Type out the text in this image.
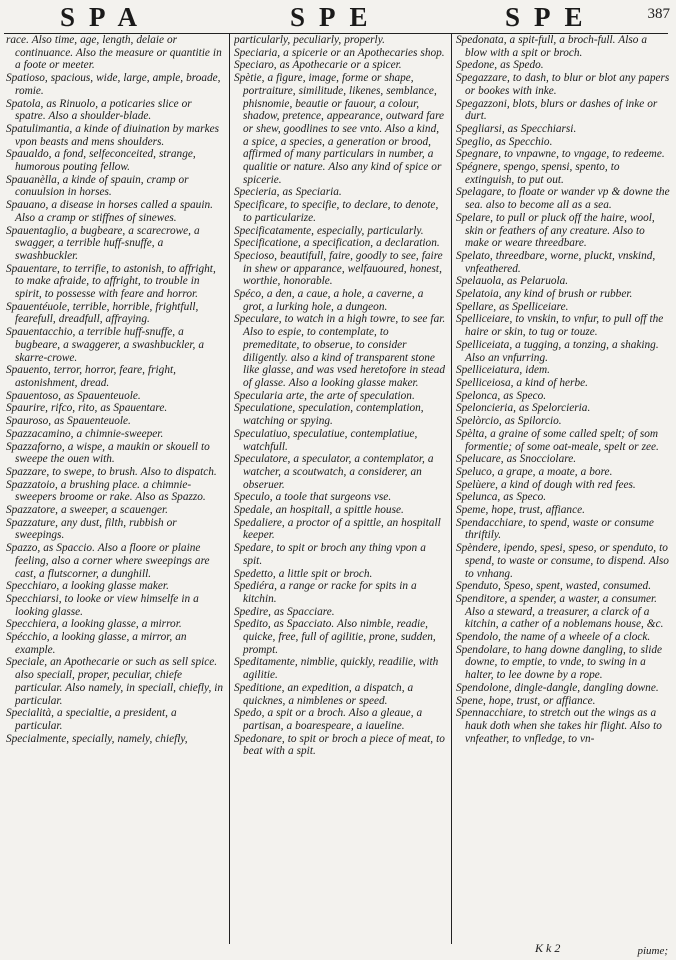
SPA	SPE	SPE	387

race. Also time, age, length, delaie or continuance. Also the measure or quantitie in a foote or meeter.

Spatioso, spacious, wide, large, ample, broade, romie.

Spatola, as Rinuolo, a poticaries slice or spatre. Also a shoulder-blade.

Spatulimantia, a kinde of diuination by markes vpon beasts and mens shoulders.

Spaualdo, a fond, selfeconceited, strange, humorous pouting fellow.

Spauanèlla, a kinde of spauin, cramp or conuulsion in horses.

Spauano, a disease in horses called a spauin. Also a cramp or stiffnes of sinewes.

Spauentaglio, a bugbeare, a scarecrowe, a swagger, a terrible huff-snuffe, a swashbuckler.

Spauentare, to terrifie, to astonish, to affright, to make afraide, to affright, to trouble in spirit, to possesse with feare and horror.

Spauentéuole, terrible, horrible, frightfull, fearefull, dreadfull, affraying.

Spauentacchio, a terrible huff-snuffe, a bugbeare, a swaggerer, a swashbuckler, a skarre-crowe.

Spauento, terror, horror, feare, fright, astonishment, dread.

Spauentoso, as Spauenteuole.

Spaurire, rifco, rito, as Spauentare.

Spauroso, as Spauenteuole.

Spazzacamino, a chimnie-sweeper.

Spazzaforno, a wispe, a maukin or skouell to sweepe the ouen with.

Spazzare, to swepe, to brush. Also to dispatch.

Spazzatoio, a brushing place. a chimnie-sweepers broome or rake. Also as Spazzo.

Spazzatore, a sweeper, a scauenger.

Spazzature, any dust, filth, rubbish or sweepings.

Spazzo, as Spaccio. Also a floore or plaine feeling, also a corner where sweepings are cast, a flutscorner, a dunghill.

Specchiaro, a looking glasse maker.

Specchiarsi, to looke or view himselfe in a looking glasse.

Specchiera, a looking glasse, a mirror.

Spécchio, a looking glasse, a mirror, an example.

Speciale, an Apothecarie or such as sell spice. also speciall, proper, peculiar, chiefe particular. Also namely, in speciall, chiefly, in particular.

Specialità, a specialtie, a president, a particular.

Specialmente, specially, namely, chiefly,

particularly, peculiarly, properly.

Speciaria, a spicerie or an Apothecaries shop.

Speciaro, as Apothecarie or a spicer.

Spètie, a figure, image, forme or shape, portraiture, similitude, likenes, semblance, phisnomie, beautie or fauour, a colour, shadow, pretence, appearance, outward fare or shew, goodlines to see vnto. Also a kind, a spice, a species, a generation or brood, affirmed of many particulars in number, a qualitie or nature. Also any kind of spice or spicerie.

Specieria, as Speciaria.

Specificare, to specifie, to declare, to denote, to particularize.

Specificatamente, especially, particularly.

Specificatione, a specification, a declaration.

Specioso, beautifull, faire, goodly to see, faire in shew or apparance, welfauoured, honest, worthie, honorable.

Spéco, a den, a caue, a hole, a caverne, a grot, a lurking hole, a dungeon.

Speculare, to watch in a high towre, to see far. Also to espie, to contemplate, to premeditate, to obserue, to consider diligently. also a kind of transparent stone like glasse, and was vsed heretofore in stead of glasse. Also a looking glasse maker.

Specularia arte, the arte of speculation.

Speculatione, speculation, contemplation, watching or spying.

Speculatiuo, speculatiue, contemplatiue, watchfull.

Speculatore, a speculator, a contemplator, a watcher, a scoutwatch, a considerer, an obseruer.

Speculo, a toole that surgeons vse.

Spedale, an hospitall, a spittle house.

Spedaliere, a proctor of a spittle, an hospitall keeper.

Spedare, to spit or broch any thing vpon a spit.

Spedetto, a little spit or broch.

Spediéra, a range or racke for spits in a kitchin.

Spedire, as Spacciare.

Spedito, as Spacciato. Also nimble, readie, quicke, free, full of agilitie, prone, sudden, prompt.

Speditamente, nimblie, quickly, readilie, with agilitie.

Speditione, an expedition, a dispatch, a quicknes, a nimblenes or speed.

Spedo, a spit or a broch. Also a gleaue, a partisan, a boarespeare, a iaueline.

Spedonare, to spit or broch a piece of meat, to beat with a spit.

Spedonata, a spit-full, a broch-full. Also a blow with a spit or broch.

Spedone, as Spedo.

Spegazzare, to dash, to blur or blot any papers or bookes with inke.

Spegazzoni, blots, blurs or dashes of inke or durt.

Spegliarsi, as Specchiarsi.

Speglio, as Specchio.

Spegnare, to vnpawne, to vngage, to redeeme.

Spégnere, spengo, spensi, spento, to extinguish, to put out.

Spelagare, to floate or wander vp & downe the sea. also to become all as a sea.

Spelare, to pull or pluck off the haire, wool, skin or feathers of any creature. Also to make or weare threedbare.

Spelato, threedbare, worne, pluckt, vnskind, vnfeathered.

Spelauola, as Pelaruola.

Spelatoia, any kind of brush or rubber.

Spellare, as Spelliceiare.

Spelliceiare, to vnskin, to vnfur, to pull off the haire or skin, to tug or touze.

Spelliceiata, a tugging, a tonzing, a shaking. Also an vnfurring.

Spelliceiatura, idem.

Spelliceiosa, a kind of herbe.

Spelonca, as Speco.

Speloncieria, as Spelorcieria.

Spelòrcio, as Spilorcio.

Spèlta, a graine of some called spelt; of som formentie; of some oat-meale, spelt or zee.

Spelucare, as Snocciolare.

Speluco, a grape, a moate, a bore.

Spelùere, a kind of dough with red fees.

Spelunca, as Speco.

Speme, hope, trust, affiance.

Spendacchiare, to spend, waste or consume thriftily.

Spèndere, ipendo, spesi, speso, or spenduto, to spend, to waste or consume, to dispend. Also to vnhang.

Spenduto, Speso, spent, wasted, consumed.

Spenditore, a spender, a waster, a consumer. Also a steward, a treasurer, a clarck of a kitchin, a cather of a noblemans house, &c.

Spendolo, the name of a wheele of a clock.

Spendolare, to hang downe dangling, to slide downe, to emptie, to vnde, to swing in a halter, to lee downe by a rope.

Spendolone, dingle-dangle, dangling downe.

Spene, hope, trust, or affiance.

Spennacchiare, to stretch out the wings as a hauk doth when she takes hir flight. Also to vnfeather, to vnfledge, to vn-

K k 2	piume;
